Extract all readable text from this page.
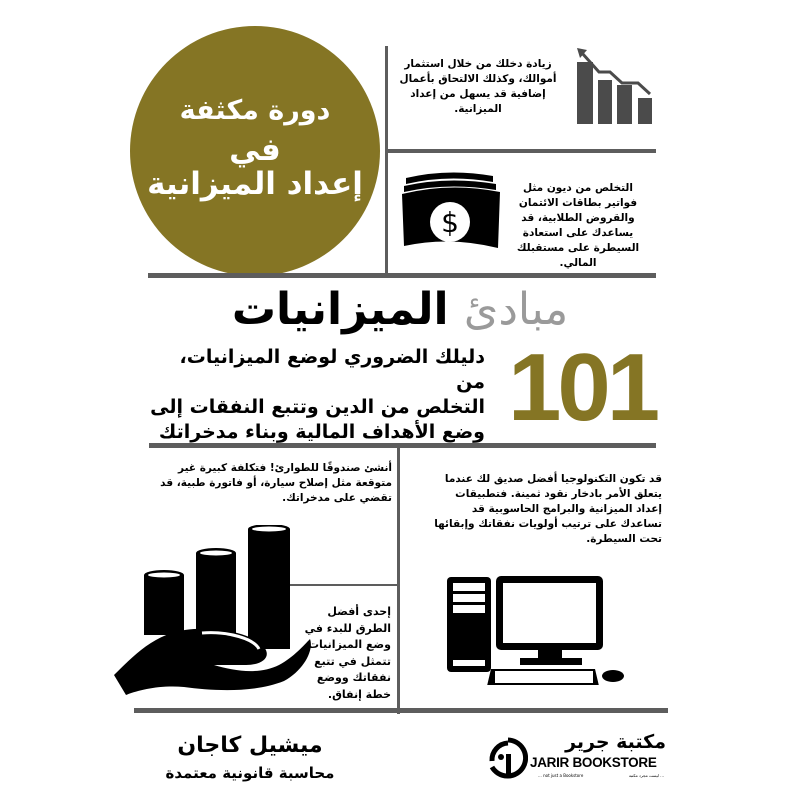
دورة مكثفة
في
إعداد الميزانية
زيادة دخلك من خلال استثمار أموالك، وكذلك الالتحاق بأعمال إضافية قد يسهل من إعداد الميزانية.
$
التخلص من ديون مثل فواتير بطاقات الائتمان والقروض الطلابية، قد يساعدك على استعادة السيطرة على مستقبلك المالي.
مبادئ الميزانيات
101
دليلك الضروري لوضع الميزانيات، من
التخلص من الدين وتتبع النفقات إلى
وضع الأهداف المالية وبناء مدخراتك
أنشئ صندوقًا للطوارئ! فتكلفة كبيرة غير متوقعة مثل إصلاح سيارة، أو فاتورة طبية، قد تقضي على مدخراتك.
إحدى أفضل الطرق للبدء في وضع الميزانيات تتمثل في تتبع نفقاتك ووضع خطة إنفاق.
قد تكون التكنولوجيا أفضل صديق لك عندما يتعلق الأمر بادخار نقود ثمينة. فتطبيقات إعداد الميزانية والبرامج الحاسوبية قد تساعدك على ترتيب أولويات نفقاتك وإبقائها تحت السيطرة.
ميشيل كاجان
محاسبة قانونية معتمدة
مكتبة جرير
JARIR BOOKSTORE
... not just a Bookstore	... ليست مجرد مكتبة
